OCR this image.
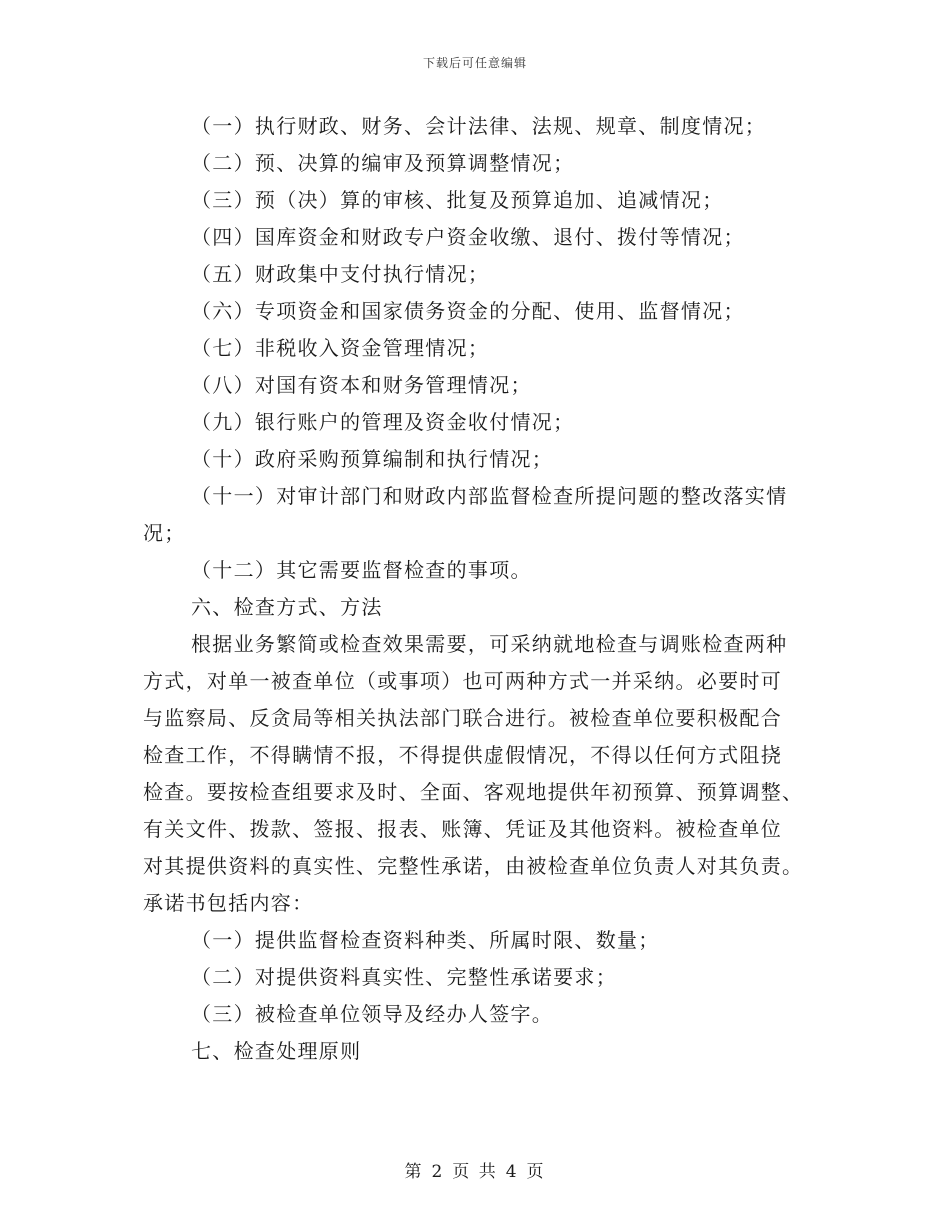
下载后可任意编辑

（一）执行财政、财务、会计法律、法规、规章、制度情况；

（二）预、决算的编审及预算调整情况；

（三）预（决）算的审核、批复及预算追加、追减情况；

（四）国库资金和财政专户资金收缴、退付、拨付等情况；

（五）财政集中支付执行情况；

（六）专项资金和国家债务资金的分配、使用、监督情况；

（七）非税收入资金管理情况；

（八）对国有资本和财务管理情况；

（九）银行账户的管理及资金收付情况；

（十）政府采购预算编制和执行情况；

（十一）对审计部门和财政内部监督检查所提问题的整改落实情

况；

（十二）其它需要监督检查的事项。

六、检查方式、方法

根据业务繁简或检查效果需要，可采纳就地检查与调账检查两种

方式，对单一被查单位（或事项）也可两种方式一并采纳。必要时可

与监察局、反贪局等相关执法部门联合进行。被检查单位要积极配合

检查工作，不得瞒情不报，不得提供虚假情况，不得以任何方式阻挠

检查。要按检查组要求及时、全面、客观地提供年初预算、预算调整、

有关文件、拨款、签报、报表、账簿、凭证及其他资料。被检查单位

对其提供资料的真实性、完整性承诺，由被检查单位负责人对其负责。

承诺书包括内容：

（一）提供监督检查资料种类、所属时限、数量；

（二）对提供资料真实性、完整性承诺要求；

（三）被检查单位领导及经办人签字。

七、检查处理原则

第 2 页 共 4 页
